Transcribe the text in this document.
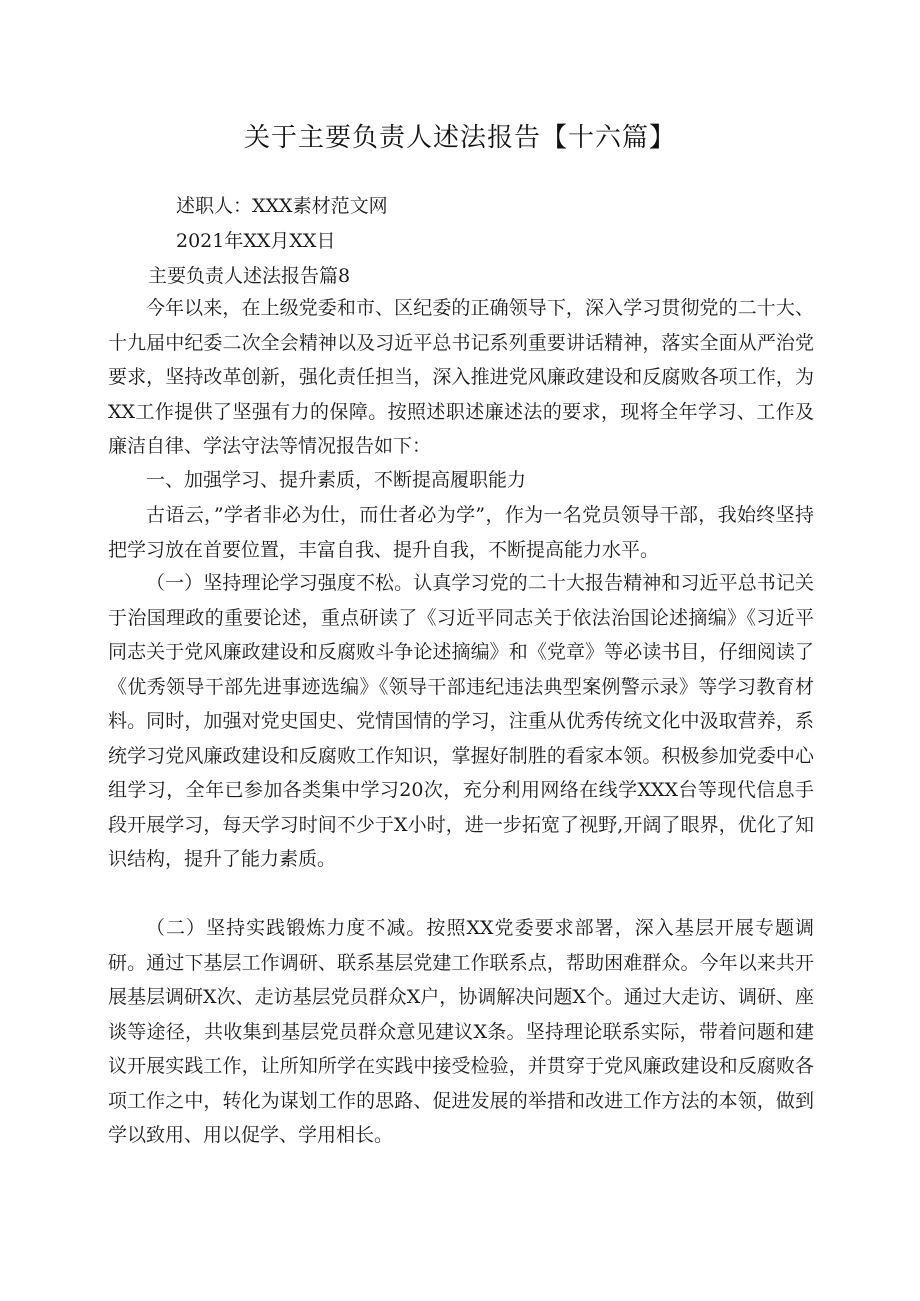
关于主要负责人述法报告【十六篇】
述职人：XXX素材范文网
2021年XX月XX日
主要负责人述法报告篇8

今年以来，在上级党委和市、区纪委的正确领导下，深入学习贯彻党的二十大、十九届中纪委二次全会精神以及习近平总书记系列重要讲话精神，落实全面从严治党要求，坚持改革创新，强化责任担当，深入推进党风廉政建设和反腐败各项工作，为XX工作提供了坚强有力的保障。按照述职述廉述法的要求，现将全年学习、工作及廉洁自律、学法守法等情况报告如下：

一、加强学习、提升素质，不断提高履职能力

古语云，”学者非必为仕，而仕者必为学”，作为一名党员领导干部，我始终坚持把学习放在首要位置，丰富自我、提升自我，不断提高能力水平。

（一）坚持理论学习强度不松。认真学习党的二十大报告精神和习近平总书记关于治国理政的重要论述，重点研读了《习近平同志关于依法治国论述摘编》《习近平同志关于党风廉政建设和反腐败斗争论述摘编》和《党章》等必读书目，仔细阅读了《优秀领导干部先进事迹选编》《领导干部违纪违法典型案例警示录》等学习教育材料。同时，加强对党史国史、党情国情的学习，注重从优秀传统文化中汲取营养，系统学习党风廉政建设和反腐败工作知识，掌握好制胜的看家本领。积极参加党委中心组学习，全年已参加各类集中学习20次，充分利用网络在线学XXX台等现代信息手段开展学习，每天学习时间不少于X小时，进一步拓宽了视野,开阔了眼界，优化了知识结构，提升了能力素质。

（二）坚持实践锻炼力度不减。按照XX党委要求部署，深入基层开展专题调研。通过下基层工作调研、联系基层党建工作联系点，帮助困难群众。今年以来共开展基层调研X次、走访基层党员群众X户，协调解决问题X个。通过大走访、调研、座谈等途径，共收集到基层党员群众意见建议X条。坚持理论联系实际，带着问题和建议开展实践工作，让所知所学在实践中接受检验，并贯穿于党风廉政建设和反腐败各项工作之中，转化为谋划工作的思路、促进发展的举措和改进工作方法的本领，做到学以致用、用以促学、学用相长。
